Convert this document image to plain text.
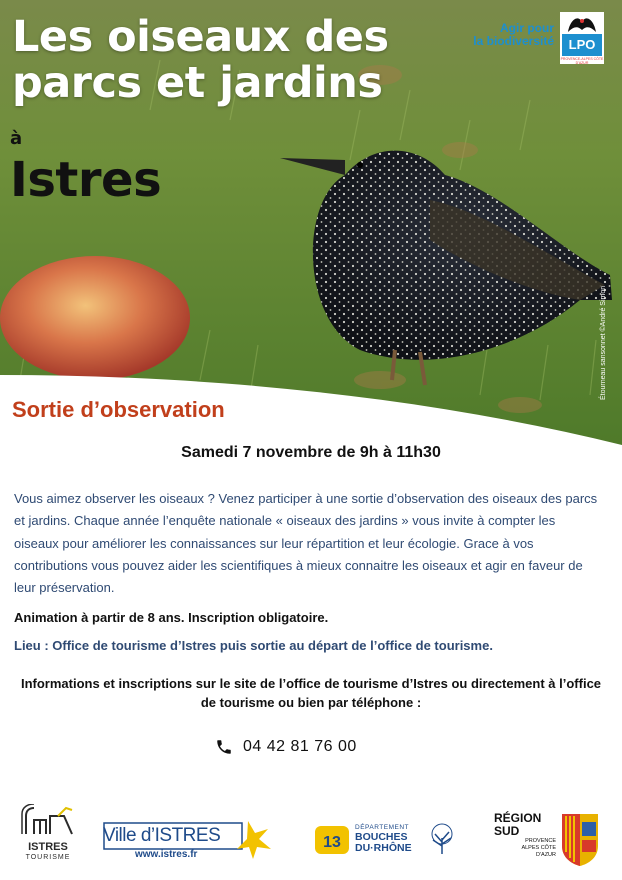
Les oiseaux des
parcs et jardins
à
Istres
Agir pour
la biodiversité	LPO
PROVENCE-ALPES CÔTE D'AZUR
Étourneau sansonnet ©André Simon
Sortie d’observation
Samedi 7 novembre de 9h à 11h30
Vous aimez observer les oiseaux ? Venez participer à une sortie d’observation des oiseaux des parcs et jardins. Chaque année l’enquête nationale « oiseaux des jardins » vous invite à compter les oiseaux pour améliorer les connaissances sur leur répartition et leur écologie. Grace à vos contributions vous pouvez aider les scientifiques à mieux connaitre les oiseaux et agir en faveur de leur préservation.
Animation à partir de 8 ans. Inscription obligatoire.
Lieu : Office de tourisme d’Istres puis sortie au départ de l’office de tourisme.
Informations et inscriptions sur le site de l’office de tourisme d’Istres ou directement à l’office de tourisme ou bien par téléphone :
04 42 81 76 00
ISTRES
TOURISME
Ville d’ISTRES
www.istres.fr
13
DÉPARTEMENT
BOUCHES
DU·RHÔNE
RÉGION
SUD
PROVENCE ALPES CÔTE D'AZUR
